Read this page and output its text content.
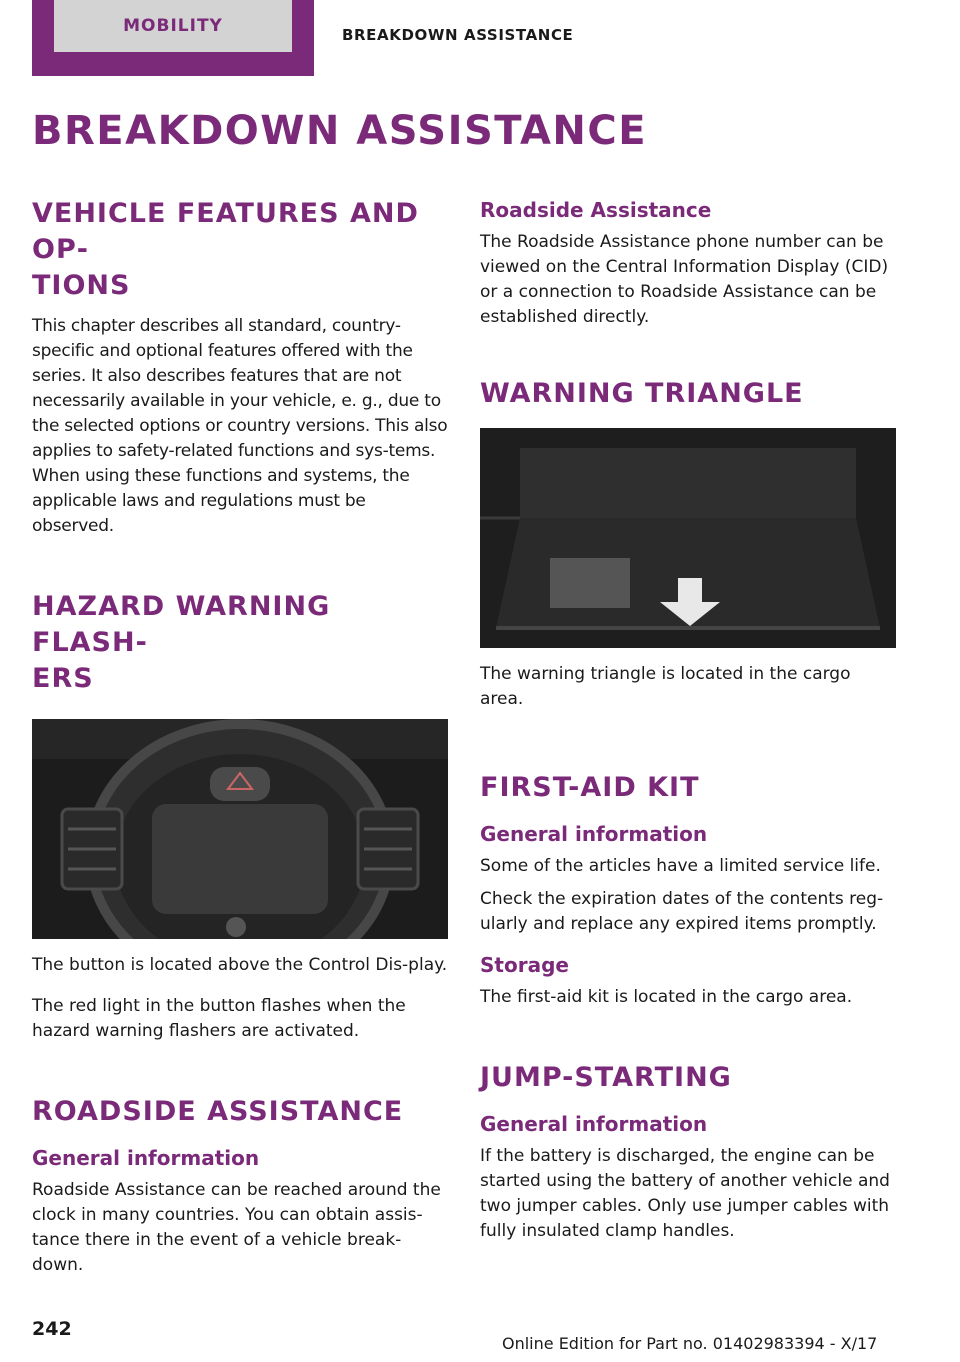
MOBILITY	BREAKDOWN ASSISTANCE
BREAKDOWN ASSISTANCE
VEHICLE FEATURES AND OP‐
TIONS

This chapter describes all standard, country-specific and optional features offered with the series. It also describes features that are not necessarily available in your vehicle, e. g., due to the selected options or country versions. This also applies to safety-related functions and sys‐tems. When using these functions and systems, the applicable laws and regulations must be observed.

HAZARD WARNING FLASH‐
ERS

The button is located above the Control Dis‐play.

The red light in the button flashes when the hazard warning flashers are activated.

ROADSIDE ASSISTANCE
General information

Roadside Assistance can be reached around the clock in many countries. You can obtain assis‐tance there in the event of a vehicle break‐down.

Roadside Assistance

The Roadside Assistance phone number can be viewed on the Central Information Display (CID) or a connection to Roadside Assistance can be established directly.

WARNING TRIANGLE

The warning triangle is located in the cargo area.

FIRST-AID KIT
General information

Some of the articles have a limited service life.

Check the expiration dates of the contents reg‐ularly and replace any expired items promptly.

Storage

The first-aid kit is located in the cargo area.

JUMP-STARTING
General information

If the battery is discharged, the engine can be started using the battery of another vehicle and two jumper cables. Only use jumper cables with fully insulated clamp handles.

242
Online Edition for Part no. 01402983394 - X/17
